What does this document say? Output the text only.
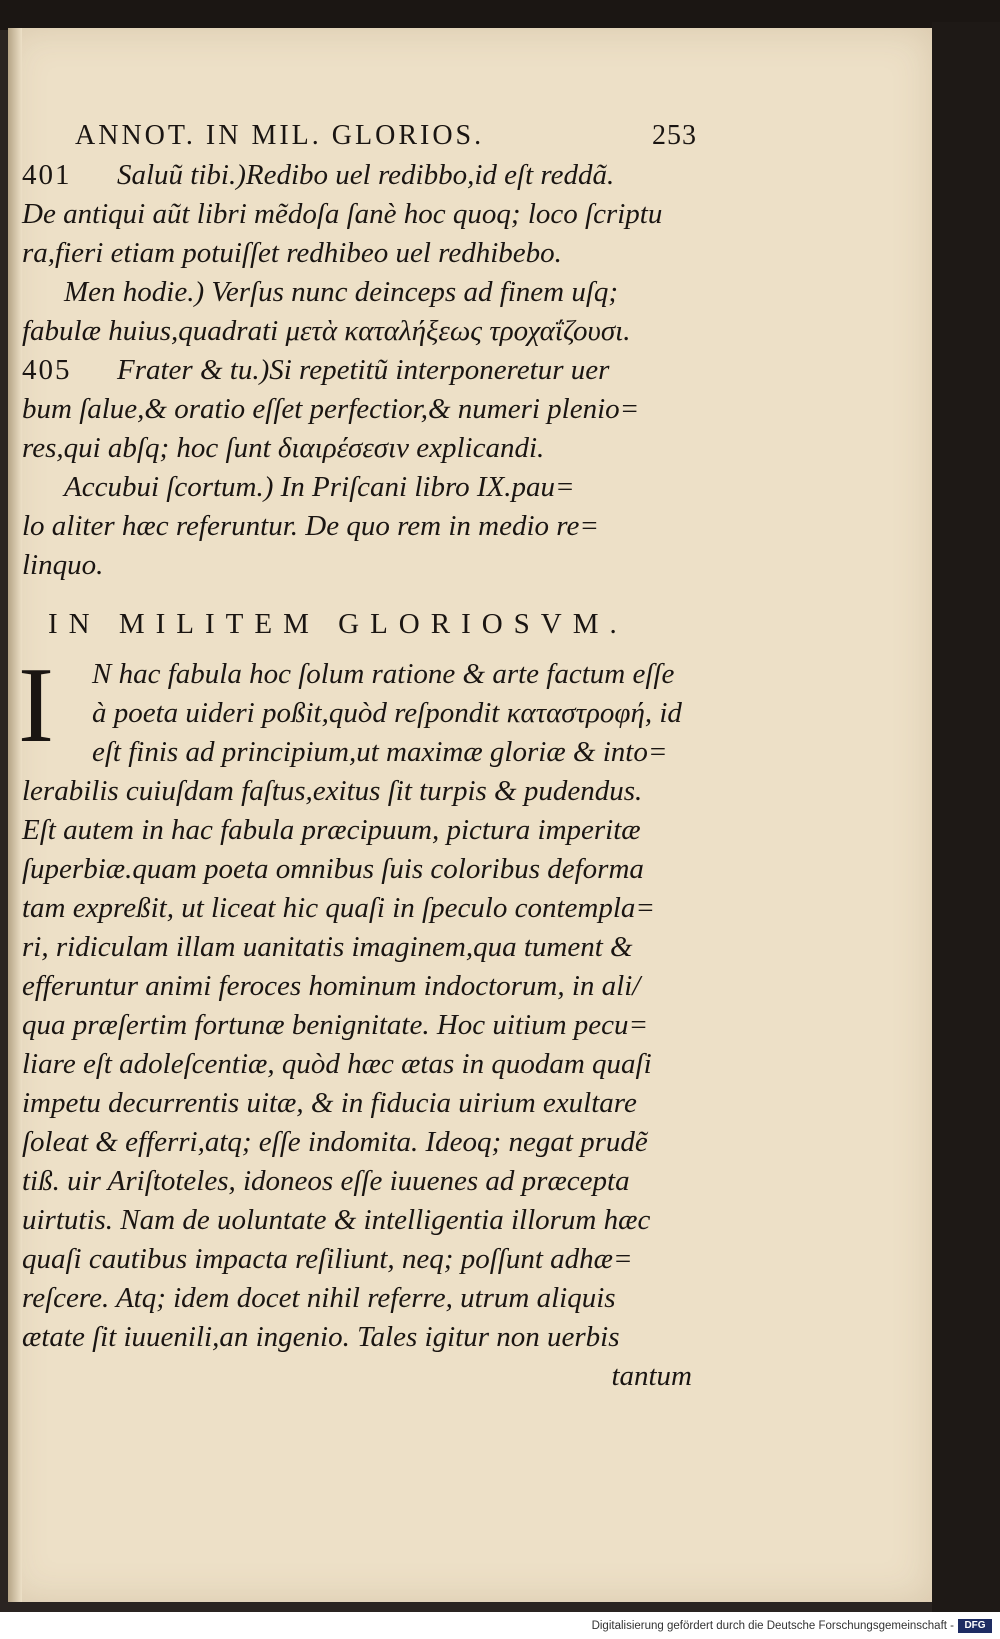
ANNOT. IN MIL. GLORIOS.	253
401 Saluũ tibi.)Redibo uel redibbo,id eſt reddã.
De antiqui aũt libri mẽdoſa ſanè hoc quoq; loco ſcriptu
ra,fieri etiam potuiſſet redhibeo uel redhibebo.
Men hodie.) Verſus nunc deinceps ad finem uſq;
fabulæ huius,quadrati μετὰ καταλήξεως τροχαΐζουσι.
405 Frater & tu.)Si repetitũ interponeretur uer
bum ſalue,& oratio eſſet perfectior,& numeri plenio=
res,qui abſq; hoc ſunt διαιρέσεσιν explicandi.
Accubui ſcortum.) In Priſcani libro IX.pau=
lo aliter hæc referuntur. De quo rem in medio re=
linquo.
IN MILITEM GLORIOSVM.
I	N hac fabula hoc ſolum ratione & arte factum eſſe
à poeta uideri poßit,quòd reſpondit καταστροφή, id
eſt finis ad principium,ut maximæ gloriæ & into=
lerabilis cuiuſdam faſtus,exitus ſit turpis & pudendus.
Eſt autem in hac fabula præcipuum, pictura imperitæ
ſuperbiæ.quam poeta omnibus ſuis coloribus deforma
tam expreßit, ut liceat hic quaſi in ſpeculo contempla=
ri, ridiculam illam uanitatis imaginem,qua tument &
efferuntur animi feroces hominum indoctorum, in ali/
qua præſertim fortunæ benignitate. Hoc uitium pecu=
liare eſt adoleſcentiæ, quòd hæc ætas in quodam quaſi
impetu decurrentis uitæ, & in fiducia uirium exultare
ſoleat & efferri,atq; eſſe indomita. Ideoq; negat prudẽ
tiß. uir Ariſtoteles, idoneos eſſe iuuenes ad præcepta
uirtutis. Nam de uoluntate & intelligentia illorum hæc
quaſi cautibus impacta reſiliunt, neq; poſſunt adhæ=
reſcere. Atq; idem docet nihil referre, utrum aliquis
ætate ſit iuuenili,an ingenio. Tales igitur non uerbis
tantum
Digitalisierung gefördert durch die Deutsche Forschungsgemeinschaft -	DFG
